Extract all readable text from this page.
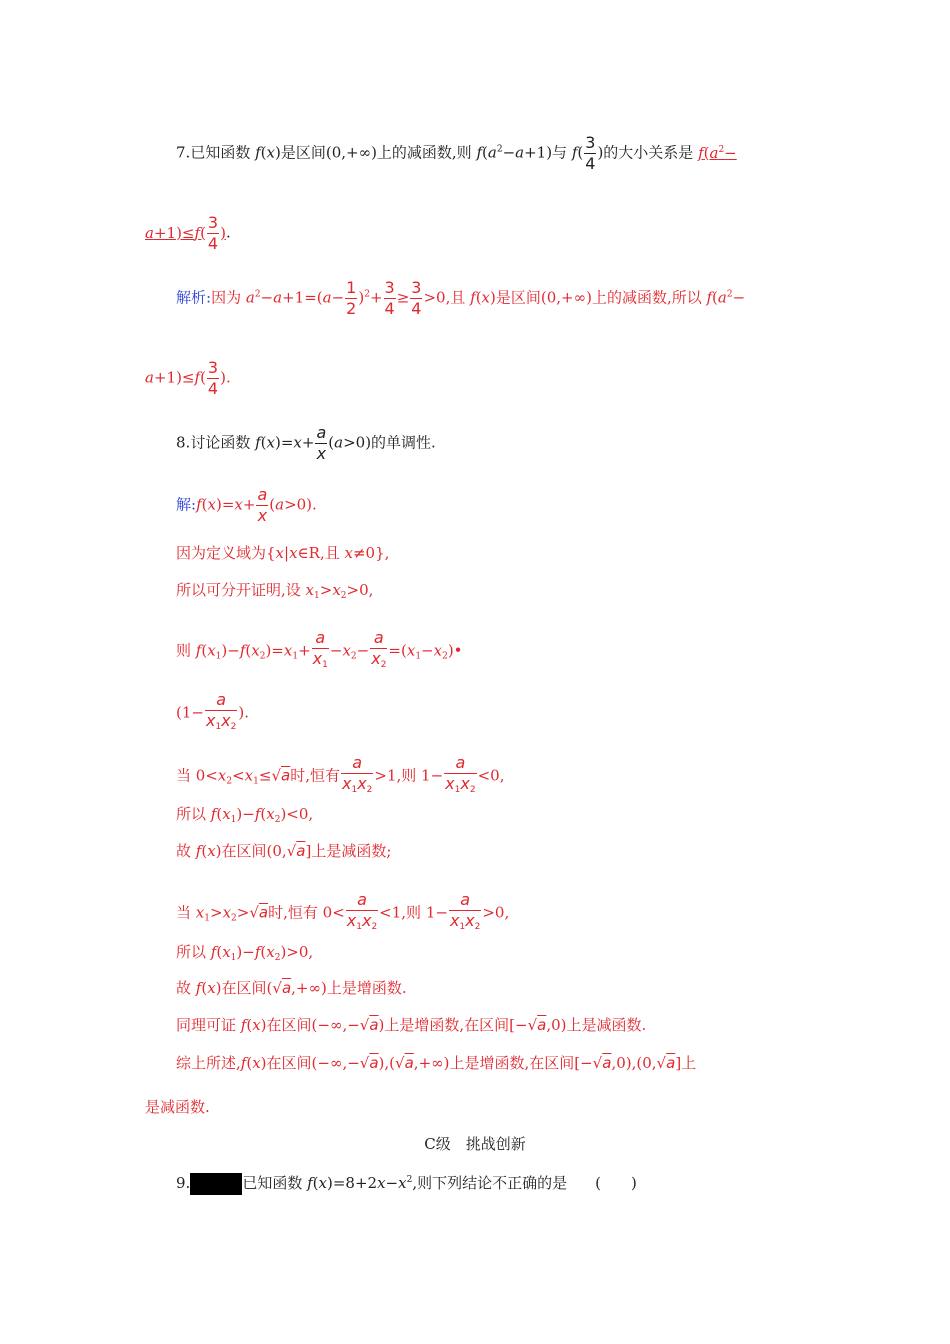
7.已知函数 f(x)是区间(0,+∞)上的减函数,则 $f(a^2-a+1)$与 $f( \frac{3}{4}$ )的大小关系是 $f(a^2-$
$a+1)\le f( \frac{3}{4}$ ).
解析:因为 $a^2-a+1=(a- \frac{1}{2} )^2+ \frac{3}{4} \ge \frac{3}{4} >0$,且 f(x)是区间(0,+∞)上的减函数,所以 $f(a^2-$
$a+1)\le f( \frac{3}{4}$ ).
8.讨论函数 $f(x)=x+ \frac{a}{x} (a>0)$的单调性.
解:f(x)=x+ $\frac{a}{x} (a>0)$.
因为定义域为{x|x∈R,且 x≠0},
所以可分开证明,设 $x_1>x_2>0$,
则 $f(x_1)-f(x_2)=x_1+ \frac{a}{x_1} -x_2- \frac{a}{x_2}$ $=(x_1-x_2)•$
($1- \frac{a}{x_1x_2}$ ).
当 $0<x_2<x_1\le√a$时,恒有 $\frac{a}{x_1x_2} >1$,则 $1- \frac{a}{x_1x_2} <0$,
所以 $f(x_1)-f(x_2)<0$,
故 f(x)在区间(0,√a]上是减函数;
当 $x_1>x_2>√a$时,恒有 $0< \frac{a}{x_1x_2} <1$,则 $1- \frac{a}{x_1x_2} >0$,
所以 $f(x_1)-f(x_2)>0$,
故 f(x)在区间(√a,+∞)上是增函数.
同理可证 f(x)在区间(−∞,−√a)上是增函数,在区间[−√a,0)上是减函数.
综上所述,f(x)在区间(−∞,−√a),(√a,+∞)上是增函数,在区间[−√a,0),(0,√a]上
是减函数.
C级　挑战创新
9.	已知函数 $f(x)=8+2x-x^2$,则下列结论不正确的是 (　　)
